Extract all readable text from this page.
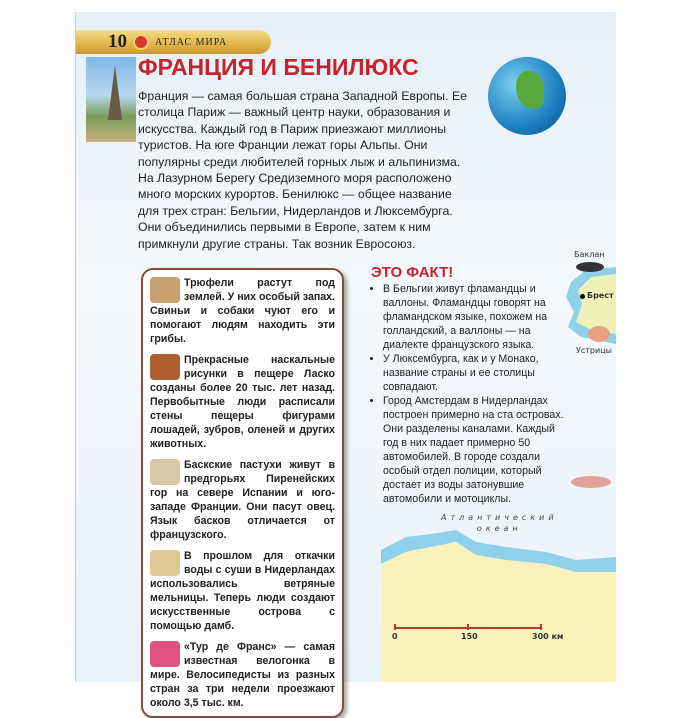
10	АТЛАС МИРА
ФРАНЦИЯ И БЕНИЛЮКС
Франция — самая большая страна Западной Европы. Ее столица Париж — важный центр науки, образования и искусства. Каждый год в Париж приезжают миллионы туристов. На юге Франции лежат горы Альпы. Они популярны среди любителей горных лыж и альпинизма. На Лазурном Берегу Средиземного моря расположено много морских курортов. Бенилюкс — общее название для трех стран: Бельгии, Нидерландов и Люксембурга. Они объединились первыми в Европе, затем к ним примкнули другие страны. Так возник Евросоюз.
Трюфели растут под землей. У них особый запах. Свиньи и собаки чуют его и помогают людям находить эти грибы.
Прекрасные наскальные рисунки в пещере Ласко созданы более 20 тыс. лет назад. Первобытные люди расписали стены пещеры фигурами лошадей, зубров, оленей и других животных.
Баскские пастухи живут в предгорьях Пиренейских гор на севере Испании и юго-западе Франции. Они пасут овец. Язык басков отличается от французского.
В прошлом для откачки воды с суши в Нидерландах использовались ветряные мельницы. Теперь люди создают искусственные острова с помощью дамб.
«Тур де Франс» — самая известная велогонка в мире. Велосипедисты из разных стран за три недели проезжают около 3,5 тыс. км.
ЭТО ФАКТ!
• В Бельгии живут фламандцы и валлоны. Фламандцы говорят на фламандском языке, похожем на голландский, а валлоны — на диалекте французского языка.
• У Люксембурга, как и у Монако, название страны и ее столицы совпадают.
• Город Амстердам в Нидерландах построен примерно на ста островах. Они разделены каналами. Каждый год в них падает примерно 50 автомобилей. В городе создали особый отдел полиции, который достает из воды затонувшие автомобили и мотоциклы.
Баклан
Брест
Устрицы
Атлантический
океан
0	150	300 км
